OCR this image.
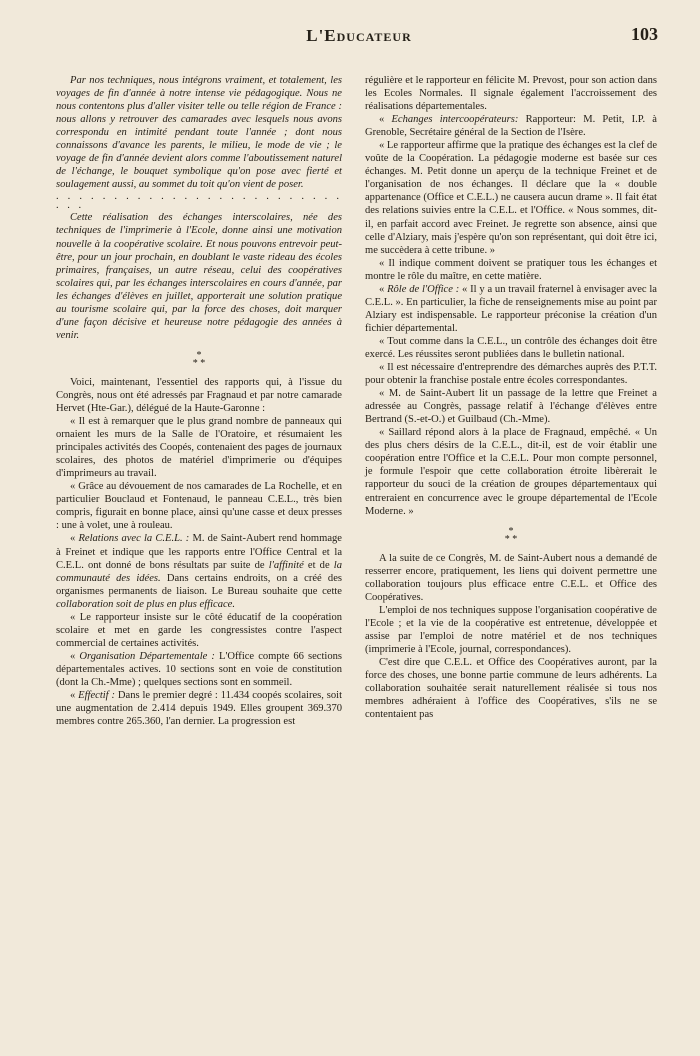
L'Educateur	103

Par nos techniques, nous intégrons vraiment, et totalement, les voyages de fin d'année à notre intense vie pédagogique. Nous ne nous contentons plus d'aller visiter telle ou telle région de France : nous allons y retrouver des camarades avec lesquels nous avons correspondu en intimité pendant toute l'année ; dont nous connaissons d'avance les parents, le milieu, le mode de vie ; le voyage de fin d'année devient alors comme l'aboutissement naturel de l'échange, le bouquet symbolique qu'on pose avec fierté et soulagement aussi, au sommet du toit qu'on vient de poser.

. . . . . . . . . . . . . . . . . . . . . . . . . . . .

Cette réalisation des échanges interscolaires, née des techniques de l'imprimerie à l'Ecole, donne ainsi une motivation nouvelle à la coopérative scolaire. Et nous pouvons entrevoir peut-être, pour un jour prochain, en doublant le vaste rideau des écoles primaires, françaises, un autre réseau, celui des coopératives scolaires qui, par les échanges interscolaires en cours d'année, par les échanges d'élèves en juillet, apporterait une solution pratique au tourisme scolaire qui, par la force des choses, doit marquer d'une façon décisive et heureuse notre pédagogie des années à venir.

*
* *

Voici, maintenant, l'essentiel des rapports qui, à l'issue du Congrès, nous ont été adressés par Fragnaud et par notre camarade Hervet (Hte-Gar.), délégué de la Haute-Garonne :

« Il est à remarquer que le plus grand nombre de panneaux qui ornaient les murs de la Salle de l'Oratoire, et résumaient les principales activités des Coopés, contenaient des pages de journaux scolaires, des photos de matériel d'imprimerie ou d'équipes d'imprimeurs au travail.

« Grâce au dévouement de nos camarades de La Rochelle, et en particulier Bouclaud et Fontenaud, le panneau C.E.L., très bien compris, figurait en bonne place, ainsi qu'une casse et deux presses : une à volet, une à rouleau.

« Relations avec la C.E.L. : M. de Saint-Aubert rend hommage à Freinet et indique que les rapports entre l'Office Central et la C.E.L. ont donné de bons résultats par suite de l'affinité et de la communauté des idées. Dans certains endroits, on a créé des organismes permanents de liaison. Le Bureau souhaite que cette collaboration soit de plus en plus efficace.

« Le rapporteur insiste sur le côté éducatif de la coopération scolaire et met en garde les congressistes contre l'aspect commercial de certaines activités.

« Organisation Départementale : L'Office compte 66 sections départementales actives. 10 sections sont en voie de constitution (dont la Ch.-Mme) ; quelques sections sont en sommeil.

« Effectif : Dans le premier degré : 11.434 coopés scolaires, soit une augmentation de 2.414 depuis 1949. Elles groupent 369.370 membres contre 265.360, l'an dernier. La progression est

régulière et le rapporteur en félicite M. Prevost, pour son action dans les Ecoles Normales. Il signale également l'accroissement des réalisations départementales.

« Echanges intercoopérateurs: Rapporteur: M. Petit, I.P. à Grenoble, Secrétaire général de la Section de l'Isère.

« Le rapporteur affirme que la pratique des échanges est la clef de voûte de la Coopération. La pédagogie moderne est basée sur ces échanges. M. Petit donne un aperçu de la technique Freinet et de l'organisation de nos échanges. Il déclare que la « double appartenance (Office et C.E.L.) ne causera aucun drame ». Il fait état des relations suivies entre la C.E.L. et l'Office. « Nous sommes, dit-il, en parfait accord avec Freinet. Je regrette son absence, ainsi que celle d'Alziary, mais j'espère qu'on son représentant, qui doit être ici, me succèdera à cette tribune. »

« Il indique comment doivent se pratiquer tous les échanges et montre le rôle du maître, en cette matière.

« Rôle de l'Office : « Il y a un travail fraternel à envisager avec la C.E.L. ». En particulier, la fiche de renseignements mise au point par Alziary est indispensable. Le rapporteur préconise la création d'un fichier départemental.

« Tout comme dans la C.E.L., un contrôle des échanges doit être exercé. Les réussites seront publiées dans le bulletin national.

« Il est nécessaire d'entreprendre des démarches auprès des P.T.T. pour obtenir la franchise postale entre écoles correspondantes.

« M. de Saint-Aubert lit un passage de la lettre que Freinet a adressée au Congrès, passage relatif à l'échange d'élèves entre Bertrand (S.-et-O.) et Guilbaud (Ch.-Mme).

« Saillard répond alors à la place de Fragnaud, empêché. « Un des plus chers désirs de la C.E.L., dit-il, est de voir établir une coopération entre l'Office et la C.E.L. Pour mon compte personnel, je formule l'espoir que cette collaboration étroite libèrerait le rapporteur du souci de la création de groupes départementaux qui entreraient en concurrence avec le groupe départemental de l'Ecole Moderne. »

*
* *

A la suite de ce Congrès, M. de Saint-Aubert nous a demandé de resserrer encore, pratiquement, les liens qui doivent permettre une collaboration toujours plus efficace entre C.E.L. et Office des Coopératives.

L'emploi de nos techniques suppose l'organisation coopérative de l'Ecole ; et la vie de la coopérative est entretenue, développée et assise par l'emploi de notre matériel et de nos techniques (imprimerie à l'Ecole, journal, correspondances).

C'est dire que C.E.L. et Office des Coopératives auront, par la force des choses, une bonne partie commune de leurs adhérents. La collaboration souhaitée serait naturellement réalisée si tous nos membres adhéraient à l'office des Coopératives, s'ils ne se contentaient pas
